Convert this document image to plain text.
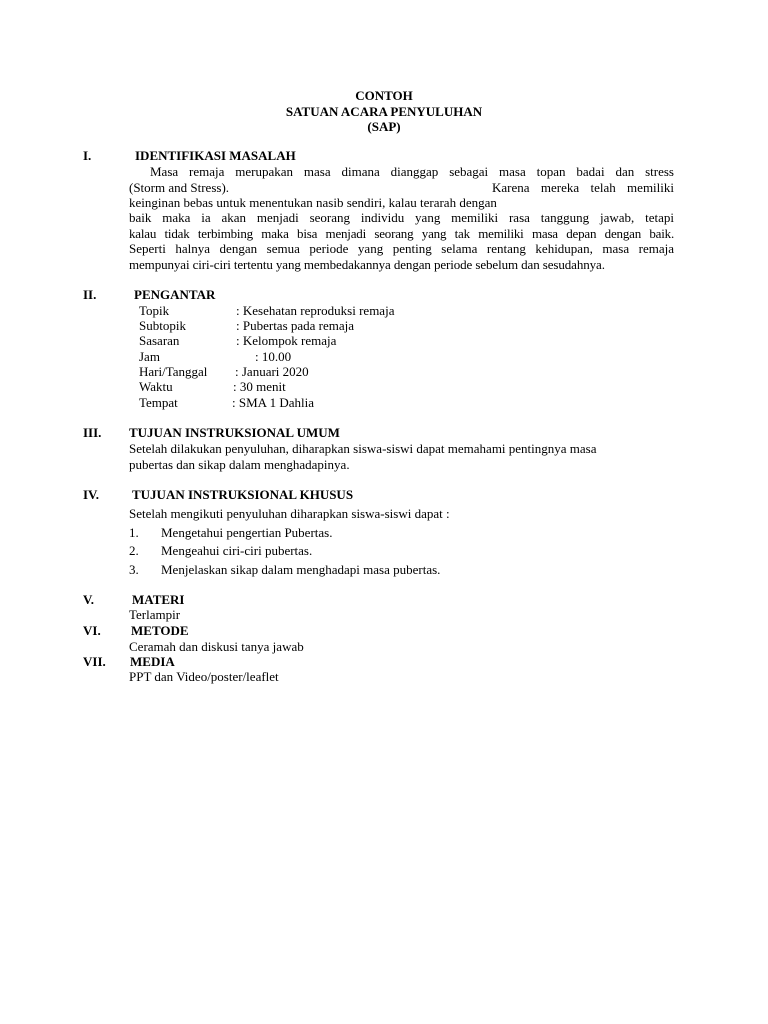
CONTOH
SATUAN ACARA PENYULUHAN
(SAP)
I.	IDENTIFIKASI MASALAH
Masa remaja merupakan masa dimana dianggap sebagai masa topan badai dan stress
(Storm and Stress).	Karena mereka telah memiliki
keinginan bebas untuk menentukan nasib sendiri, kalau terarah dengan
baik maka ia akan menjadi seorang individu yang memiliki rasa tanggung jawab, tetapi
kalau tidak terbimbing maka bisa menjadi seorang yang tak memiliki masa depan dengan baik.
Seperti halnya dengan semua periode yang penting selama rentang kehidupan, masa remaja
mempunyai ciri-ciri tertentu yang membedakannya dengan periode sebelum dan sesudahnya.
II.	PENGANTAR
Topik	: Kesehatan reproduksi remaja
Subtopik	: Pubertas pada remaja
Sasaran	: Kelompok remaja
Jam	: 10.00
Hari/Tanggal : Januari 2020
Waktu	: 30 menit
Tempat	: SMA 1 Dahlia
III. TUJUAN INSTRUKSIONAL UMUM
Setelah dilakukan penyuluhan, diharapkan siswa-siswi dapat memahami pentingnya masa
pubertas dan sikap dalam menghadapinya.
IV.	TUJUAN INSTRUKSIONAL KHUSUS
Setelah mengikuti penyuluhan diharapkan siswa-siswi dapat :
1. Mengetahui pengertian Pubertas.
2. Mengeahui ciri-ciri pubertas.
3. Menjelaskan sikap dalam menghadapi masa pubertas.
V.	MATERI
Terlampir
VI. METODE
Ceramah dan diskusi tanya jawab
VII. MEDIA
PPT dan Video/poster/leaflet
